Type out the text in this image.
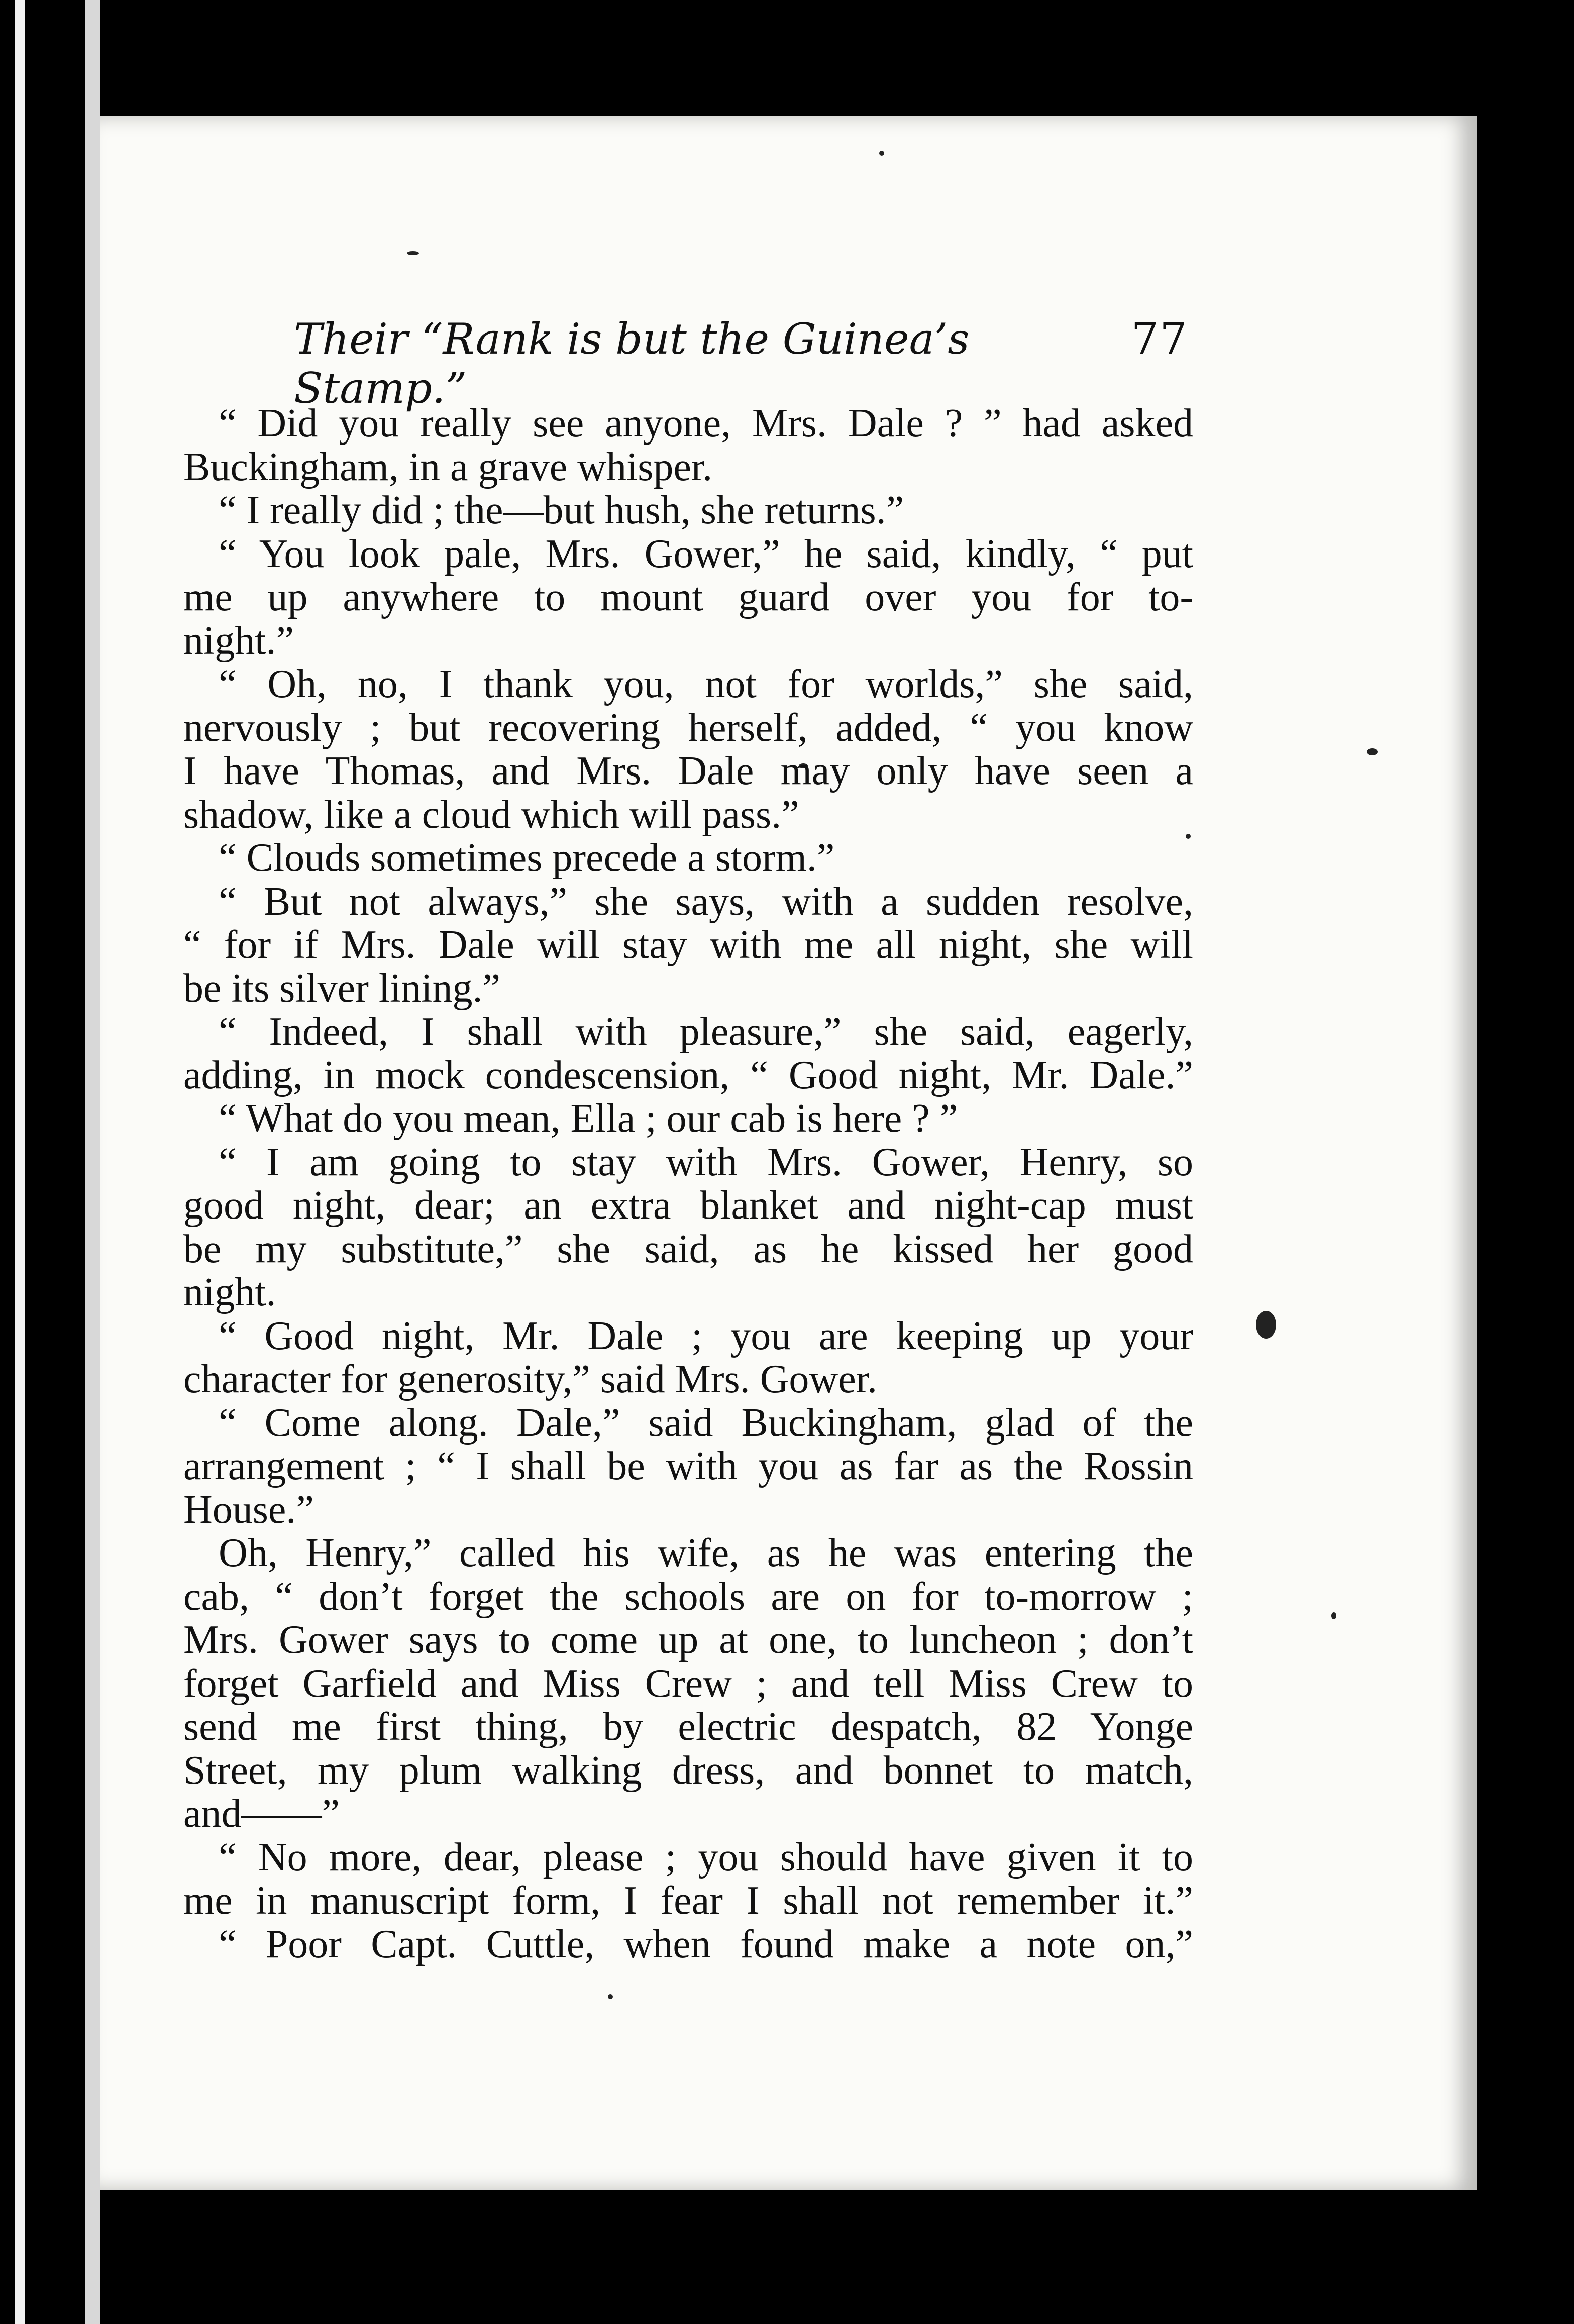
Their “Rank is but the Guinea’s Stamp.”
77
“ Did you really see anyone, Mrs. Dale ? ” had asked
Buckingham, in a grave whisper.
“ I really did ; the—but hush, she returns.”
“ You look pale, Mrs. Gower,” he said, kindly, “ put
me up anywhere to mount guard over you for to-
night.”
“ Oh, no, I thank you, not for worlds,” she said,
nervously ; but recovering herself, added, “ you know
I have Thomas, and Mrs. Dale may only have seen a
shadow, like a cloud which will pass.”
“ Clouds sometimes precede a storm.”
“ But not always,” she says, with a sudden resolve,
“ for if Mrs. Dale will stay with me all night, she will
be its silver lining.”
“ Indeed, I shall with pleasure,” she said, eagerly,
adding, in mock condescension, “ Good night, Mr. Dale.”
“ What do you mean, Ella ; our cab is here ? ”
“ I am going to stay with Mrs. Gower, Henry, so
good night, dear; an extra blanket and night-cap must
be my substitute,” she said, as he kissed her good
night.
“ Good night, Mr. Dale ; you are keeping up your
character for generosity,” said Mrs. Gower.
“ Come along. Dale,” said Buckingham, glad of the
arrangement ; “ I shall be with you as far as the Rossin
House.”
Oh, Henry,” called his wife, as he was entering the
cab, “ don’t forget the schools are on for to-morrow ;
Mrs. Gower says to come up at one, to luncheon ; don’t
forget Garfield and Miss Crew ; and tell Miss Crew to
send me first thing, by electric despatch, 82 Yonge
Street, my plum walking dress, and bonnet to match,
and——”
“ No more, dear, please ; you should have given it to
me in manuscript form, I fear I shall not remember it.”
“ Poor Capt. Cuttle, when found make a note on,”
